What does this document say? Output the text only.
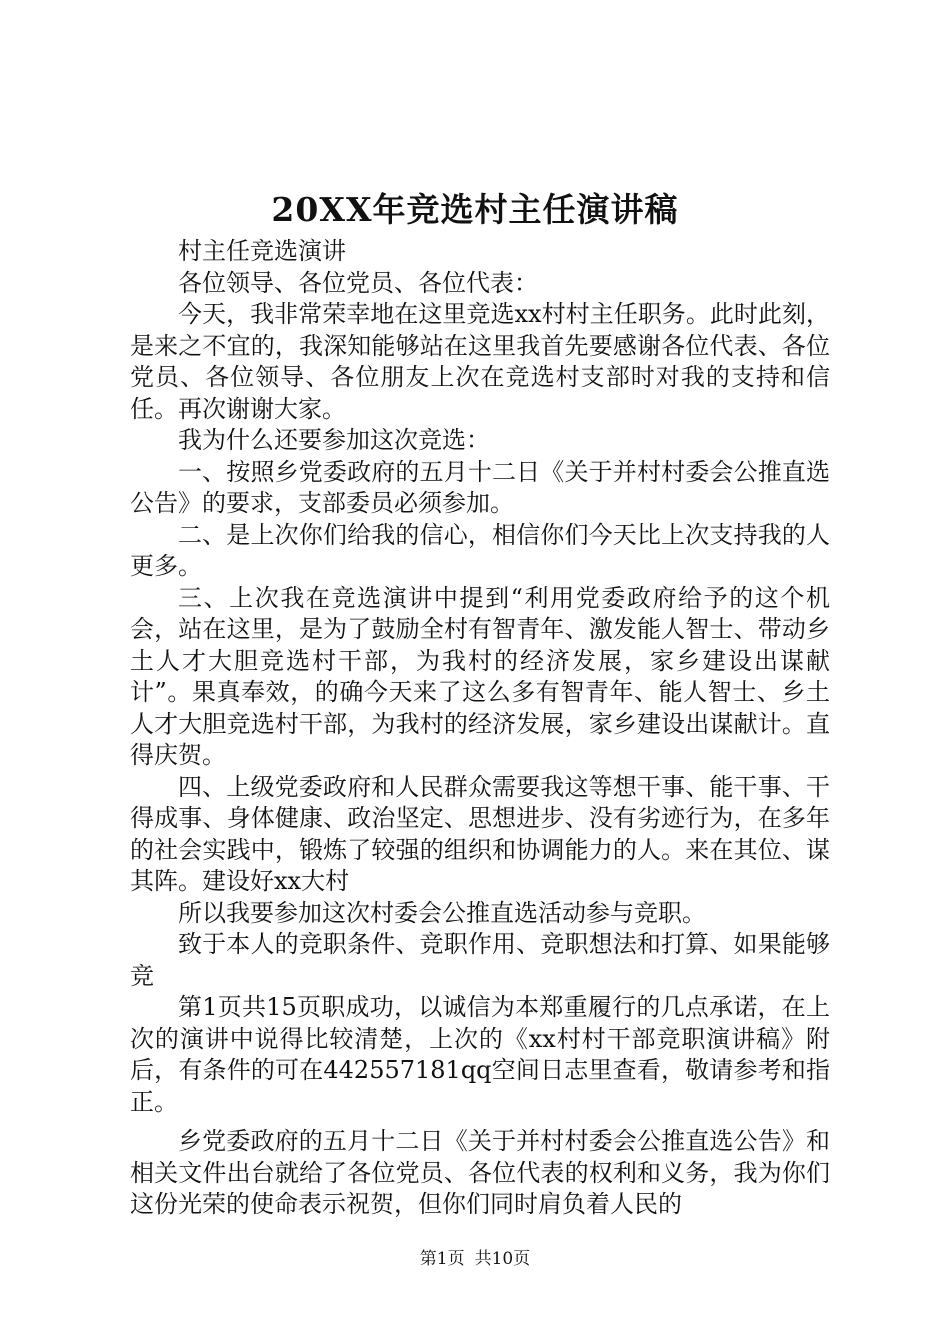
20XX年竞选村主任演讲稿

村主任竞选演讲

各位领导、各位党员、各位代表：

今天，我非常荣幸地在这里竞选xx村村主任职务。此时此刻，是来之不宜的，我深知能够站在这里我首先要感谢各位代表、各位党员、各位领导、各位朋友上次在竞选村支部时对我的支持和信任。再次谢谢大家。

我为什么还要参加这次竞选：

一、按照乡党委政府的五月十二日《关于并村村委会公推直选公告》的要求，支部委员必须参加。

二、是上次你们给我的信心，相信你们今天比上次支持我的人更多。

三、上次我在竞选演讲中提到“利用党委政府给予的这个机会，站在这里，是为了鼓励全村有智青年、激发能人智士、带动乡土人才大胆竞选村干部，为我村的经济发展，家乡建设出谋献计”。果真奉效，的确今天来了这么多有智青年、能人智士、乡土人才大胆竞选村干部，为我村的经济发展，家乡建设出谋献计。直得庆贺。

四、上级党委政府和人民群众需要我这等想干事、能干事、干得成事、身体健康、政治坚定、思想进步、没有劣迹行为，在多年的社会实践中，锻炼了较强的组织和协调能力的人。来在其位、谋其阵。建设好xx大村

所以我要参加这次村委会公推直选活动参与竞职。

致于本人的竞职条件、竞职作用、竞职想法和打算、如果能够竞

第1页共15页职成功，以诚信为本郑重履行的几点承诺，在上次的演讲中说得比较清楚，上次的《xx村村干部竞职演讲稿》附后，有条件的可在442557181qq空间日志里查看，敬请参考和指正。

乡党委政府的五月十二日《关于并村村委会公推直选公告》和相关文件出台就给了各位党员、各位代表的权利和义务，我为你们这份光荣的使命表示祝贺，但你们同时肩负着人民的

第1页 共10页
